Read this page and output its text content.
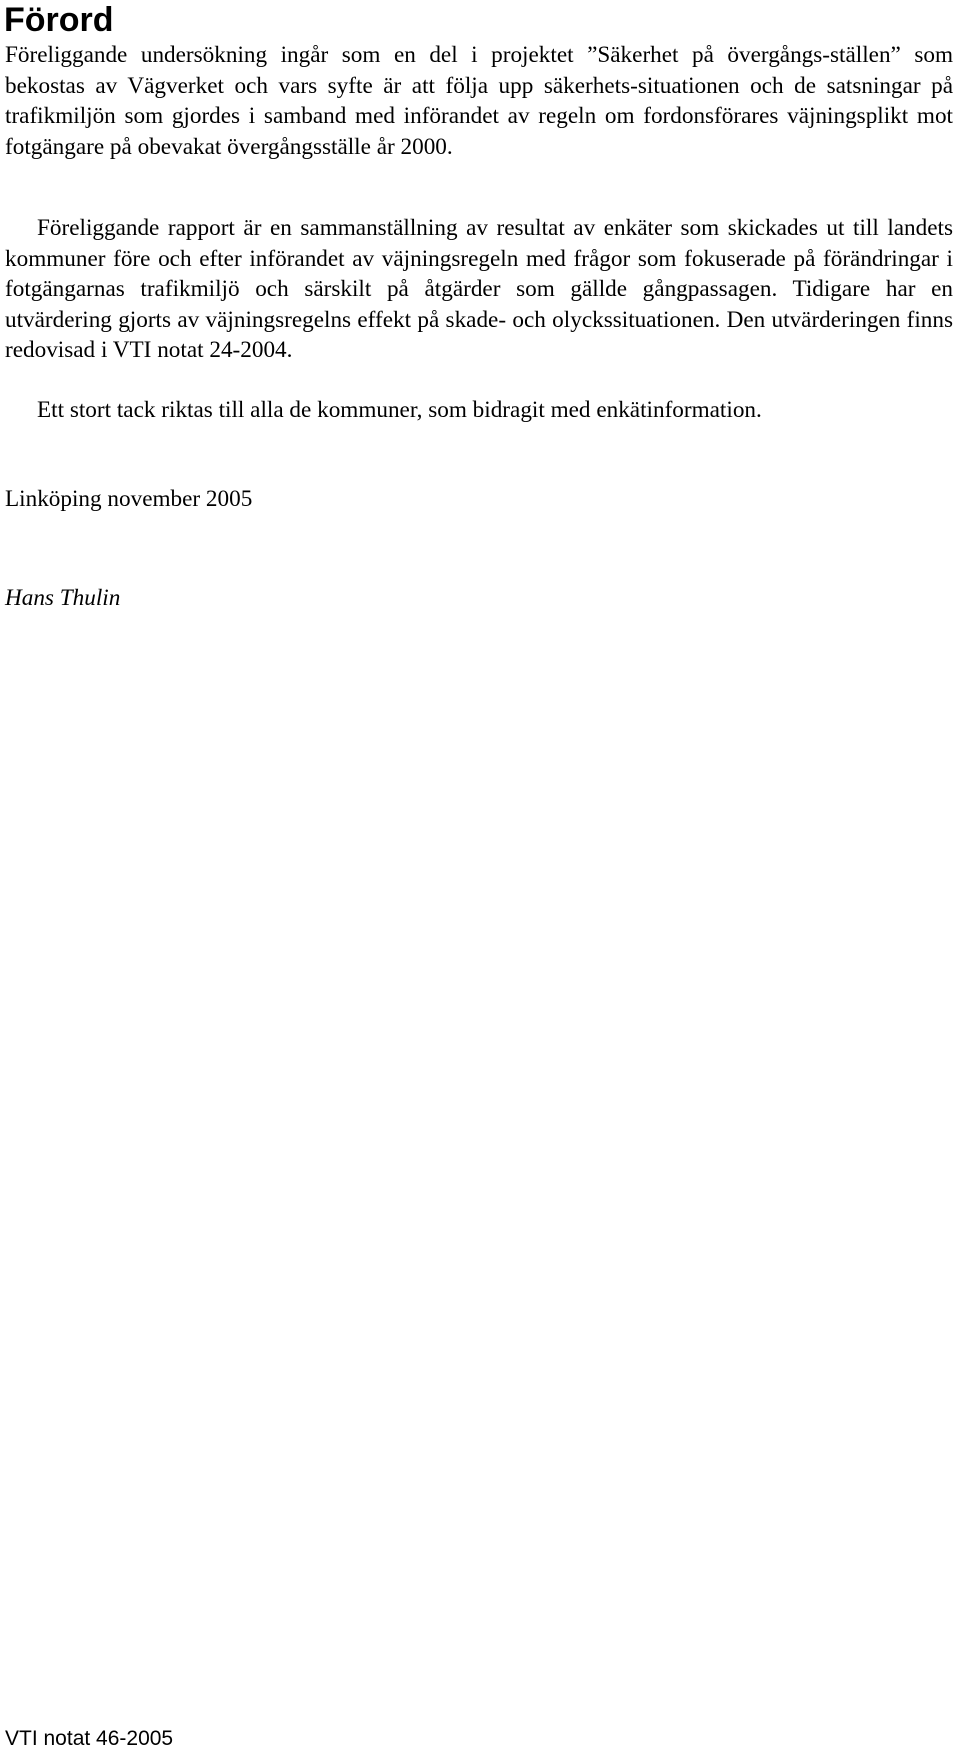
Förord

Föreliggande undersökning ingår som en del i projektet ”Säkerhet på övergångs-ställen” som bekostas av Vägverket och vars syfte är att följa upp säkerhets-situationen och de satsningar på trafikmiljön som gjordes i samband med införandet av regeln om fordonsförares väjningsplikt mot fotgängare på obevakat övergångsställe år 2000.

Föreliggande rapport är en sammanställning av resultat av enkäter som skickades ut till landets kommuner före och efter införandet av väjningsregeln med frågor som fokuserade på förändringar i fotgängarnas trafikmiljö och särskilt på åtgärder som gällde gångpassagen. Tidigare har en utvärdering gjorts av väjningsregelns effekt på skade- och olyckssituationen. Den utvärderingen finns redovisad i VTI notat 24-2004.

Ett stort tack riktas till alla de kommuner, som bidragit med enkätinformation.

Linköping november 2005

Hans Thulin

VTI notat 46-2005
